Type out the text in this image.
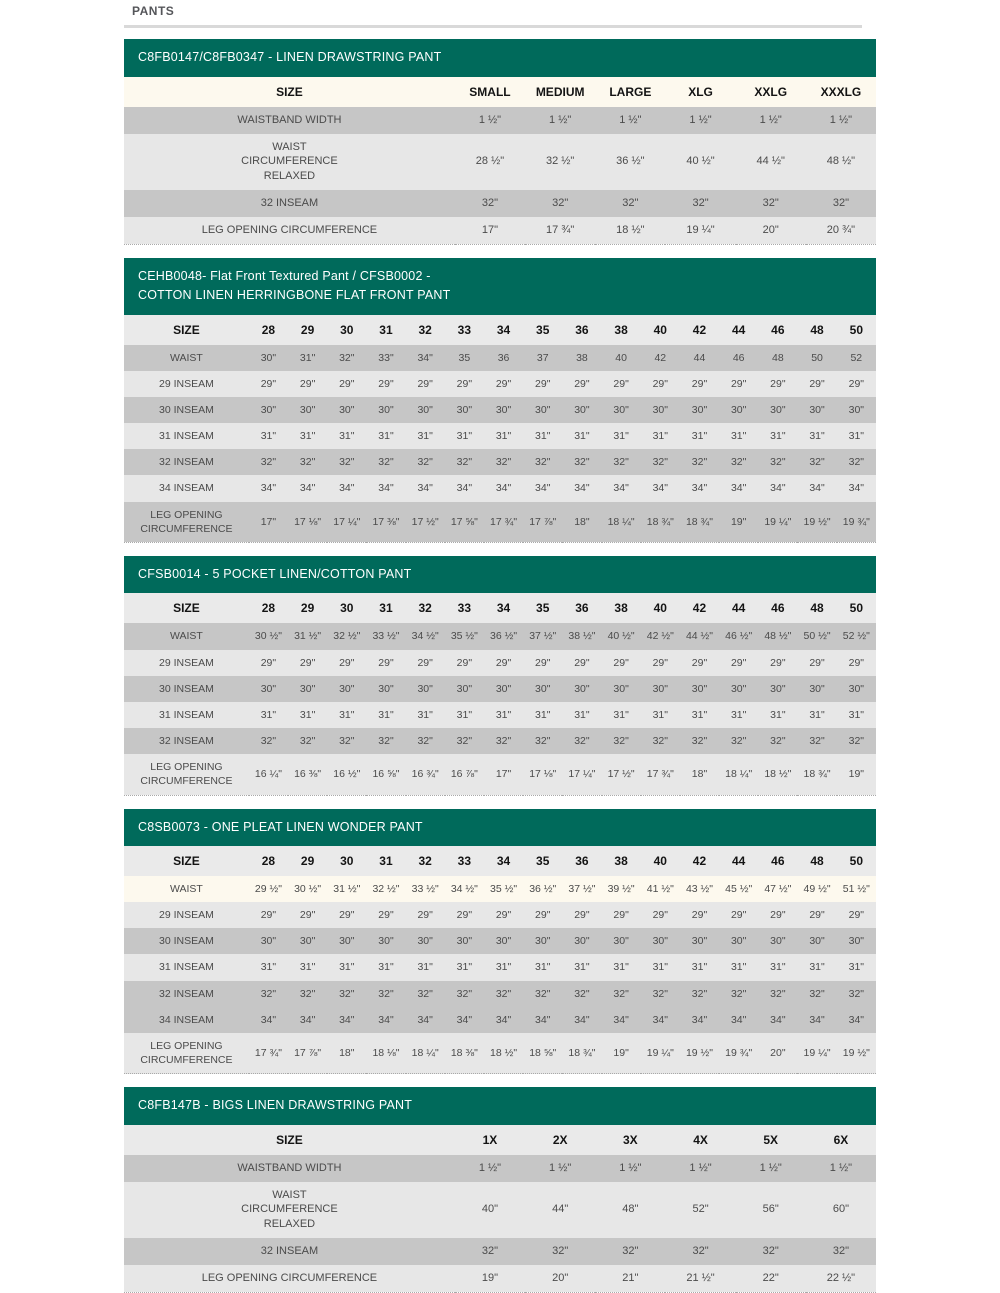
PANTS
C8FB0147/C8FB0347 - LINEN DRAWSTRING PANT
SIZE	SMALL	MEDIUM	LARGE	XLG	XXLG	XXXLG

WAISTBAND WIDTH	1 ½"	1 ½"	1 ½"	1 ½"	1 ½"	1 ½"

WAIST
CIRCUMFERENCE
RELAXED	28 ½"	32 ½"	36 ½"	40 ½"	44 ½"	48 ½"

32 INSEAM	32"	32"	32"	32"	32"	32"

LEG OPENING CIRCUMFERENCE	17"	17 ¾"	18 ½"	19 ¼"	20"	20 ¾"
CEHB0048- Flat Front Textured Pant / CFSB0002 -
COTTON LINEN HERRINGBONE FLAT FRONT PANT
SIZE	28	29	30	31	32	33	34	35	36	38	40	42	44	46	48	50

WAIST	30"	31"	32"	33"	34"	35	36	37	38	40	42	44	46	48	50	52

29 INSEAM	29"	29"	29"	29"	29"	29"	29"	29"	29"	29"	29"	29"	29"	29"	29"	29"

30 INSEAM	30"	30"	30"	30"	30"	30"	30"	30"	30"	30"	30"	30"	30"	30"	30"	30"

31 INSEAM	31"	31"	31"	31"	31"	31"	31"	31"	31"	31"	31"	31"	31"	31"	31"	31"

32 INSEAM	32"	32"	32"	32"	32"	32"	32"	32"	32"	32"	32"	32"	32"	32"	32"	32"

34 INSEAM	34"	34"	34"	34"	34"	34"	34"	34"	34"	34"	34"	34"	34"	34"	34"	34"

LEG OPENING
CIRCUMFERENCE	17"	17 ⅛"	17 ¼"	17 ⅜"	17 ½"	17 ⅝"	17 ¾"	17 ⅞"	18"	18 ¼"	18 ¾"	18 ¾"	19"	19 ¼"	19 ½"	19 ¾"
CFSB0014 - 5 POCKET LINEN/COTTON PANT
SIZE	28	29	30	31	32	33	34	35	36	38	40	42	44	46	48	50

WAIST	30 ½"	31 ½"	32 ½"	33 ½"	34 ½"	35 ½"	36 ½"	37 ½"	38 ½"	40 ½"	42 ½"	44 ½"	46 ½"	48 ½"	50 ½"	52 ½"

29 INSEAM	29"	29"	29"	29"	29"	29"	29"	29"	29"	29"	29"	29"	29"	29"	29"	29"

30 INSEAM	30"	30"	30"	30"	30"	30"	30"	30"	30"	30"	30"	30"	30"	30"	30"	30"

31 INSEAM	31"	31"	31"	31"	31"	31"	31"	31"	31"	31"	31"	31"	31"	31"	31"	31"

32 INSEAM	32"	32"	32"	32"	32"	32"	32"	32"	32"	32"	32"	32"	32"	32"	32"	32"

LEG OPENING
CIRCUMFERENCE	16 ¼"	16 ⅜"	16 ½"	16 ⅝"	16 ¾"	16 ⅞"	17"	17 ⅛"	17 ¼"	17 ½"	17 ¾"	18"	18 ¼"	18 ½"	18 ¾"	19"
C8SB0073 - ONE PLEAT LINEN WONDER PANT
SIZE	28	29	30	31	32	33	34	35	36	38	40	42	44	46	48	50

WAIST	29 ½"	30 ½"	31 ½"	32 ½"	33 ½"	34 ½"	35 ½"	36 ½"	37 ½"	39 ½"	41 ½"	43 ½"	45 ½"	47 ½"	49 ½"	51 ½"

29 INSEAM	29"	29"	29"	29"	29"	29"	29"	29"	29"	29"	29"	29"	29"	29"	29"	29"

30 INSEAM	30"	30"	30"	30"	30"	30"	30"	30"	30"	30"	30"	30"	30"	30"	30"	30"

31 INSEAM	31"	31"	31"	31"	31"	31"	31"	31"	31"	31"	31"	31"	31"	31"	31"	31"

32 INSEAM	32"	32"	32"	32"	32"	32"	32"	32"	32"	32"	32"	32"	32"	32"	32"	32"

34 INSEAM	34"	34"	34"	34"	34"	34"	34"	34"	34"	34"	34"	34"	34"	34"	34"	34"

LEG OPENING
CIRCUMFERENCE	17 ¾"	17 ⅞"	18"	18 ⅛"	18 ¼"	18 ⅜"	18 ½"	18 ⅝"	18 ¾"	19"	19 ¼"	19 ½"	19 ¾"	20"	19 ¼"	19 ½"
C8FB147B - BIGS LINEN DRAWSTRING PANT
SIZE	1X	2X	3X	4X	5X	6X

WAISTBAND WIDTH	1 ½"	1 ½"	1 ½"	1 ½"	1 ½"	1 ½"

WAIST
CIRCUMFERENCE
RELAXED	40"	44"	48"	52"	56"	60"

32 INSEAM	32"	32"	32"	32"	32"	32"

LEG OPENING CIRCUMFERENCE	19"	20"	21"	21 ½"	22"	22 ½"
